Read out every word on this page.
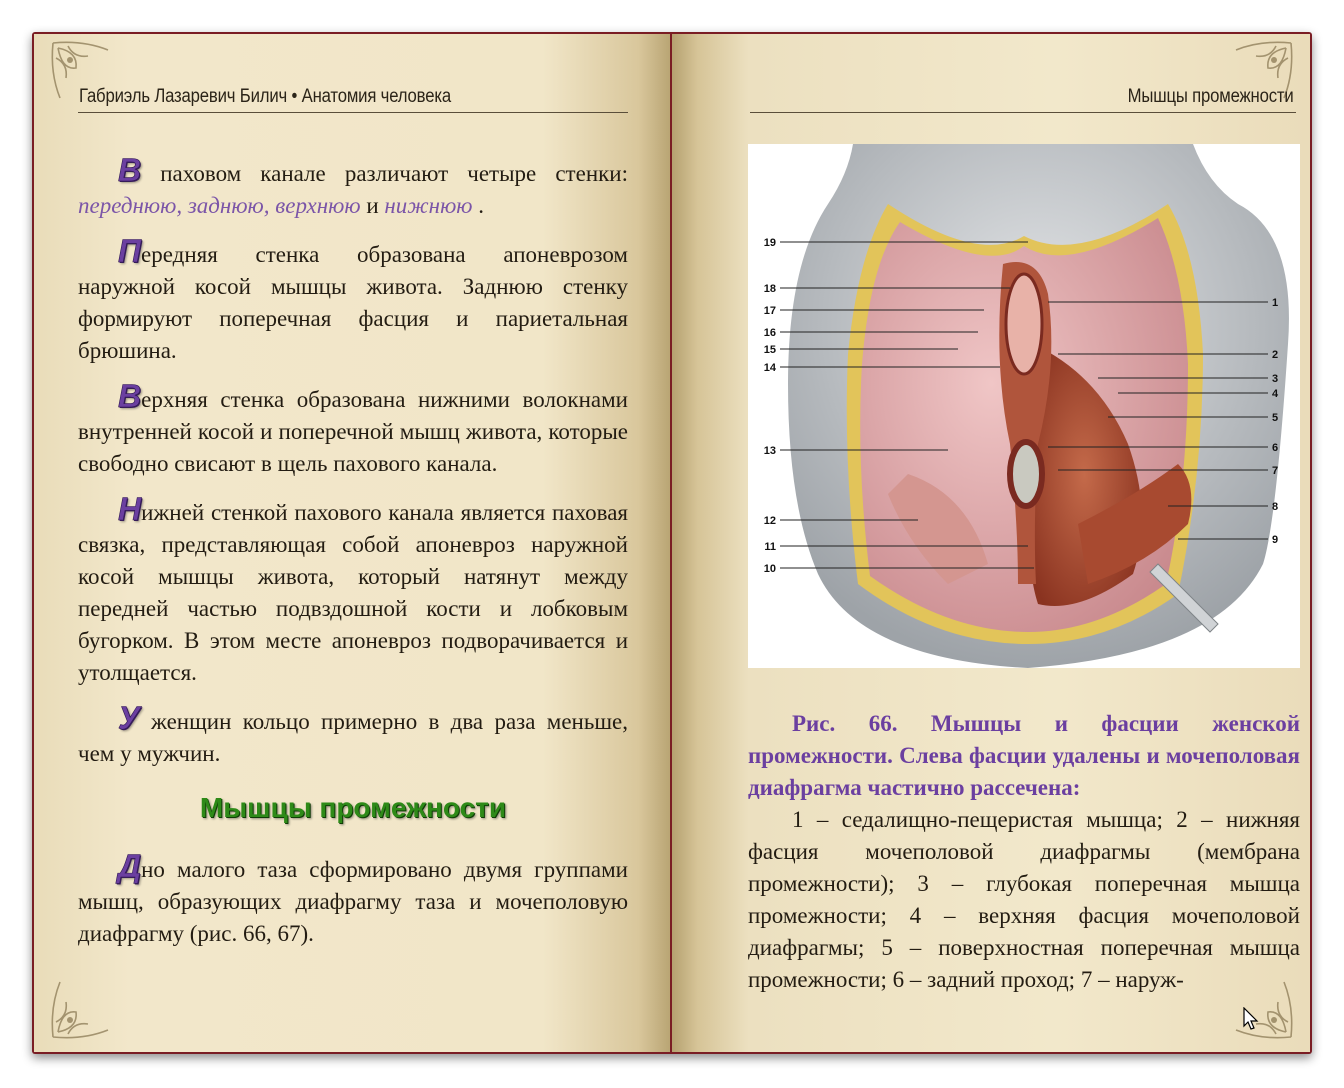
Габриэль Лазаревич Билич • Анатомия человека

В паховом канале различают четыре стенки: переднюю, заднюю, верхнюю и нижнюю .

Передняя стенка образована апоневрозом наружной косой мышцы живота. Заднюю стенку формируют поперечная фасция и париетальная брюшина.

Верхняя стенка образована нижними волокнами внутренней косой и поперечной мышц живота, которые свободно свисают в щель пахового канала.

Нижней стенкой пахового канала является паховая связка, представляющая собой апоневроз наружной косой мышцы живота, который натянут между передней частью подвздошной кости и лобковым бугорком. В этом месте апоневроз подворачивается и утолщается.

У женщин кольцо примерно в два раза меньше, чем у мужчин.

Мышцы промежности

Дно малого таза сформировано двумя группами мышц, образующих диафрагму таза и мочеполовую диафрагму (рис. 66, 67).

Мышцы промежности
19
18
17
16
15
14
13
12
11
10
1
2
3
4
5
6
7
8
9

Рис. 66. Мышцы и фасции женской промежности. Слева фасции удалены и мочеполовая диафрагма частично рассечена:

1 – седалищно-пещеристая мышца; 2 – нижняя фасция мочеполовой диафрагмы (мембрана промежности); 3 – глубокая поперечная мышца промежности; 4 – верхняя фасция мочеполовой диафрагмы; 5 – поверхностная поперечная мышца промежности; 6 – задний проход; 7 – наруж-
